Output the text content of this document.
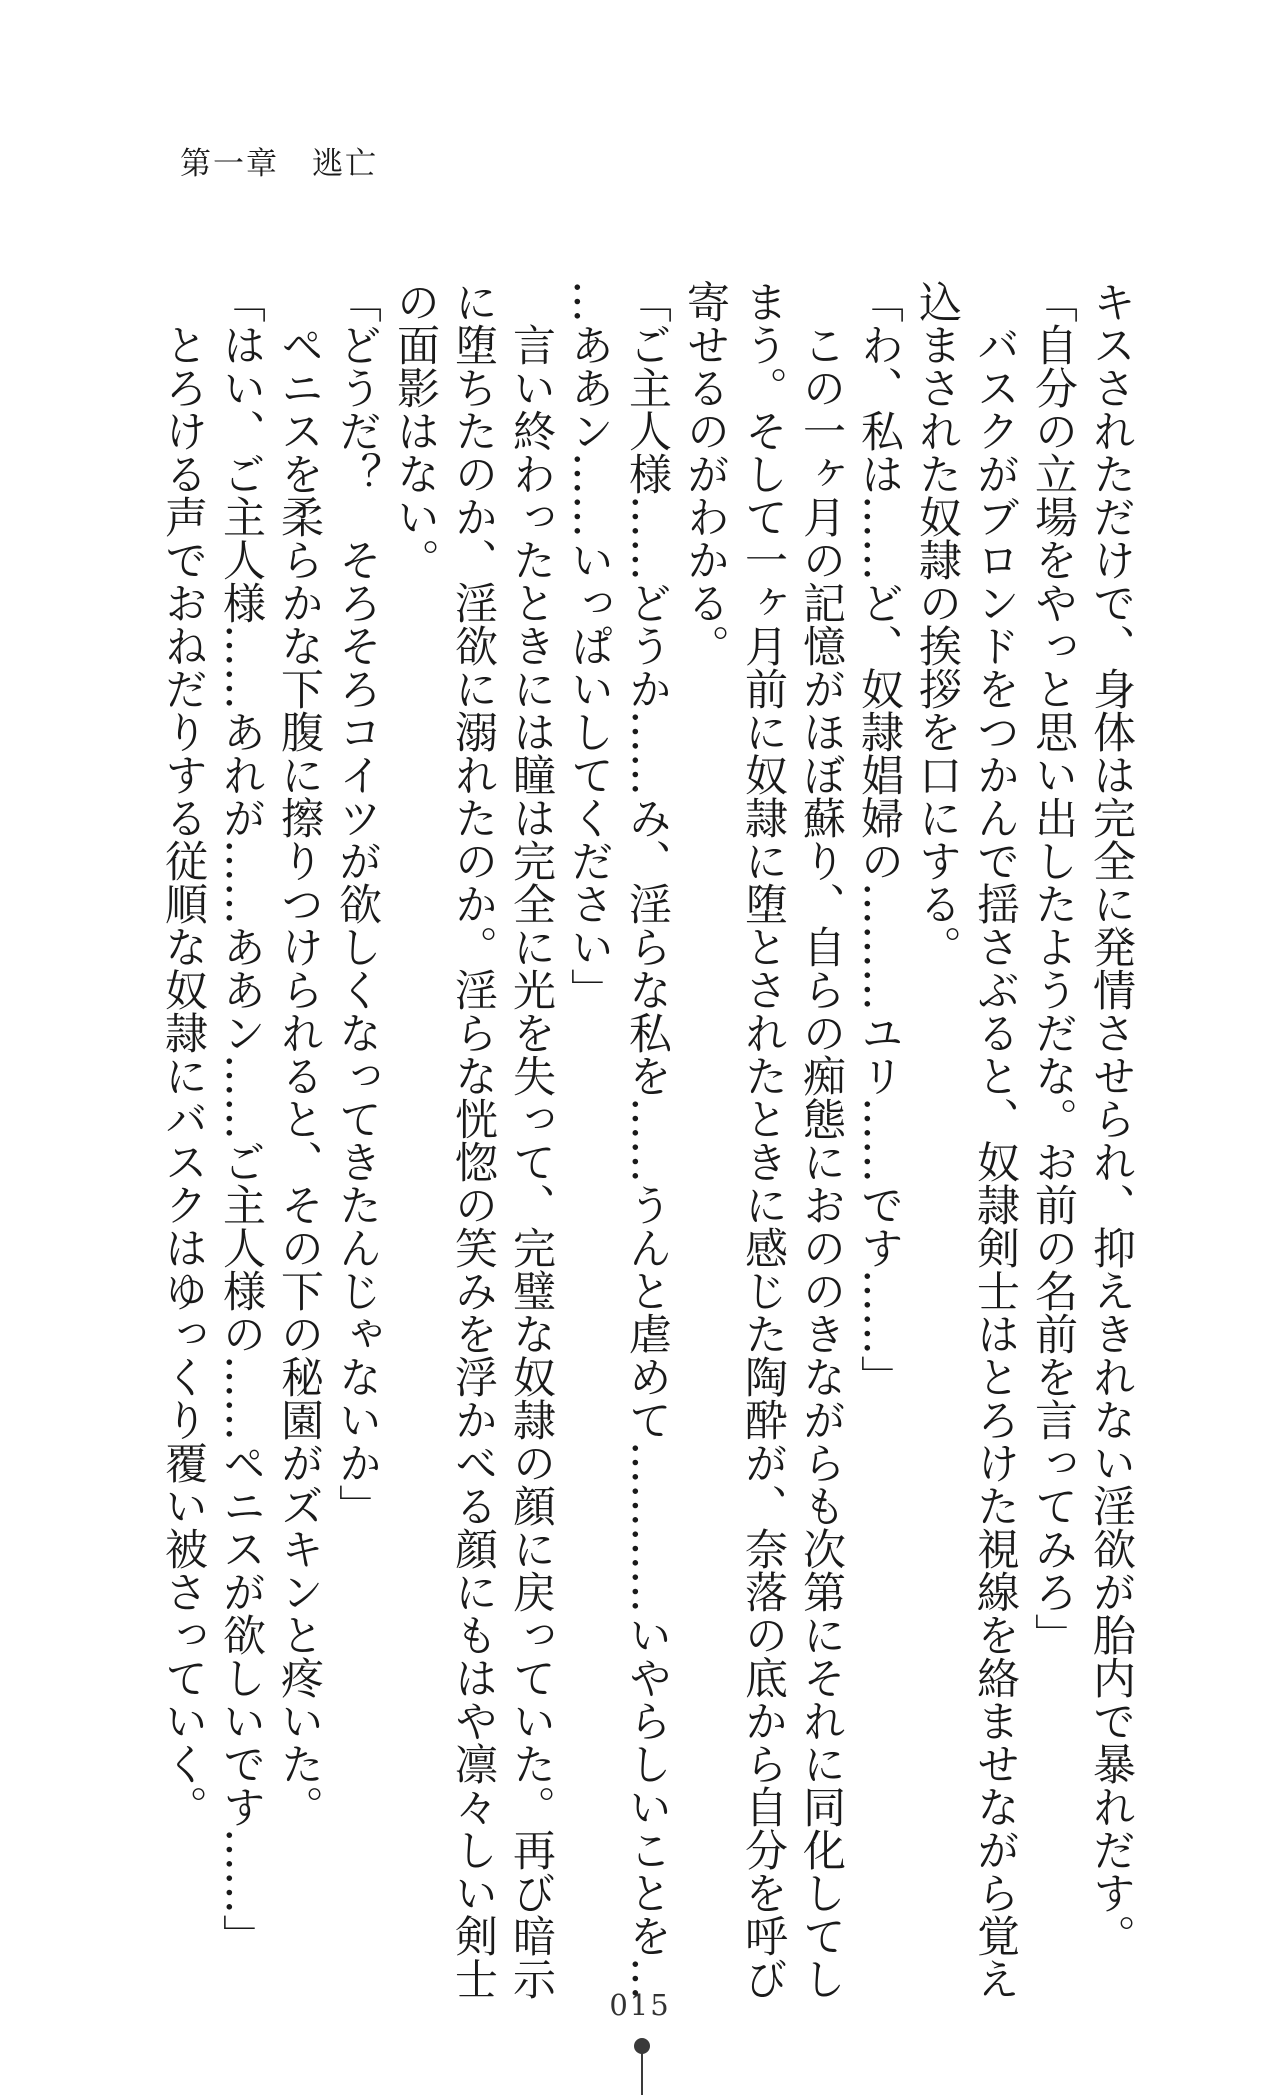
第一章　逃亡
キスされただけで、身体は完全に発情させられ、抑えきれない淫欲が胎内で暴れだす。
「自分の立場をやっと思い出したようだな。お前の名前を言ってみろ」
　バスクがブロンドをつかんで揺さぶると、奴隷剣士はとろけた視線を絡ませながら覚え
込まされた奴隷の挨拶を口にする。
「わ、私は……ど、奴隷娼婦の………ユリ……です……」
　この一ヶ月の記憶がほぼ蘇り、自らの痴態におののきながらも次第にそれに同化してし
まう。そして一ヶ月前に奴隷に堕とされたときに感じた陶酔が、奈落の底から自分を呼び
寄せるのがわかる。
「ご主人様……どうか……み、淫らな私を……うんと虐めて…………いやらしいことを…
…ああン……いっぱいしてください」
　言い終わったときには瞳は完全に光を失って、完璧な奴隷の顔に戻っていた。再び暗示
に堕ちたのか、淫欲に溺れたのか。淫らな恍惚の笑みを浮かべる顔にもはや凛々しい剣士
の面影はない。
「どうだ？　そろそろコイツが欲しくなってきたんじゃないか」
　ペニスを柔らかな下腹に擦りつけられると、その下の秘園がズキンと疼いた。
「はい、ご主人様……あれが……ああン……ご主人様の……ペニスが欲しいです……」
　とろける声でおねだりする従順な奴隷にバスクはゆっくり覆い被さっていく。
015
